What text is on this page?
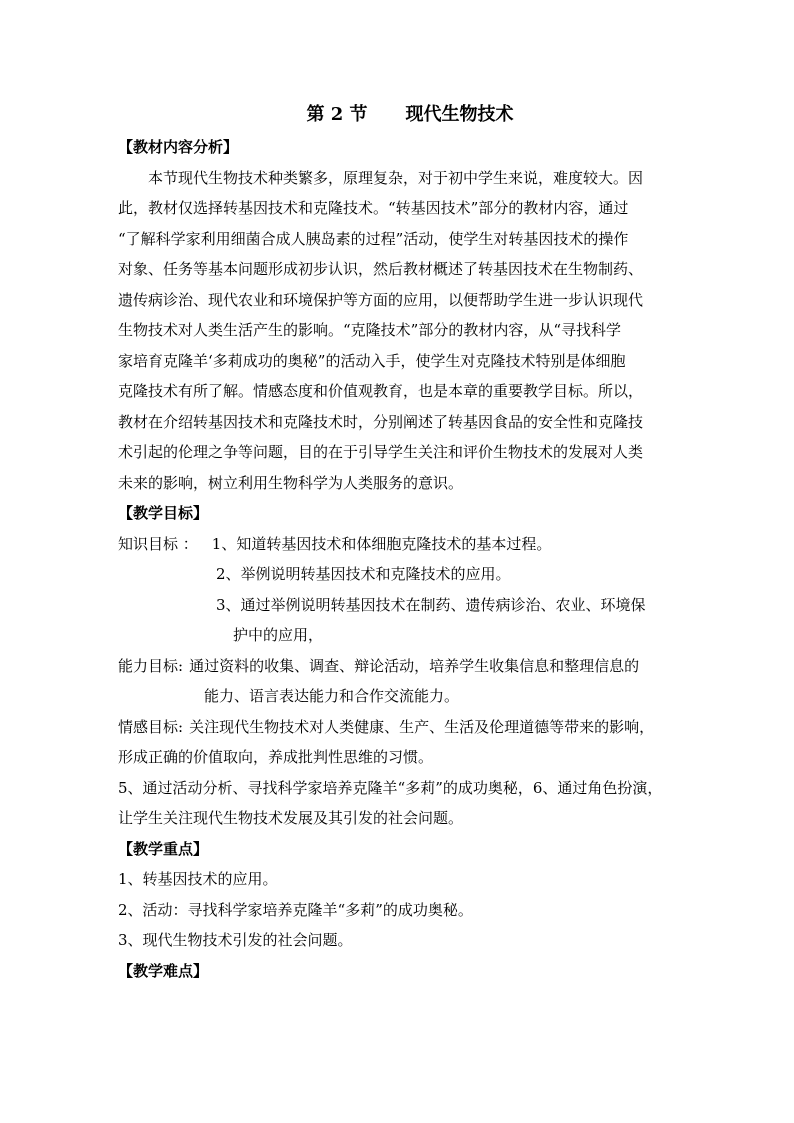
第 2 节 现代生物技术

【教材内容分析】

本节现代生物技术种类繁多，原理复杂，对于初中学生来说，难度较大。因

此，教材仅选择转基因技术和克隆技术。“转基因技术”部分的教材内容，通过

“了解科学家利用细菌合成人胰岛素的过程”活动，使学生对转基因技术的操作

对象、任务等基本问题形成初步认识，然后教材概述了转基因技术在生物制药、

遗传病诊治、现代农业和环境保护等方面的应用，以便帮助学生进一步认识现代

生物技术对人类生活产生的影响。“克隆技术”部分的教材内容，从“寻找科学

家培育克隆羊‘多莉成功的奥秘”的活动入手，使学生对克隆技术特别是体细胞

克隆技术有所了解。情感态度和价值观教育，也是本章的重要教学目标。所以，

教材在介绍转基因技术和克隆技术时，分别阐述了转基因食品的安全性和克隆技

术引起的伦理之争等问题，目的在于引导学生关注和评价生物技术的发展对人类

未来的影响，树立利用生物科学为人类服务的意识。

【教学目标】

知识目标 ： 1、知道转基因技术和体细胞克隆技术的基本过程。

2、举例说明转基因技术和克隆技术的应用。

3、通过举例说明转基因技术在制药、遗传病诊治、农业、环境保

护中的应用，

能力目标: 通过资料的收集、调查、辩论活动，培养学生收集信息和整理信息的

能力、语言表达能力和合作交流能力。

情感目标: 关注现代生物技术对人类健康、生产、生活及伦理道德等带来的影响，

形成正确的价值取向，养成批判性思维的习惯。

5、通过活动分析、寻找科学家培养克隆羊“多莉”的成功奥秘，6、通过角色扮演，

让学生关注现代生物技术发展及其引发的社会问题。

【教学重点】

1、转基因技术的应用。

2、活动：寻找科学家培养克隆羊“多莉”的成功奥秘。

3、现代生物技术引发的社会问题。

【教学难点】
